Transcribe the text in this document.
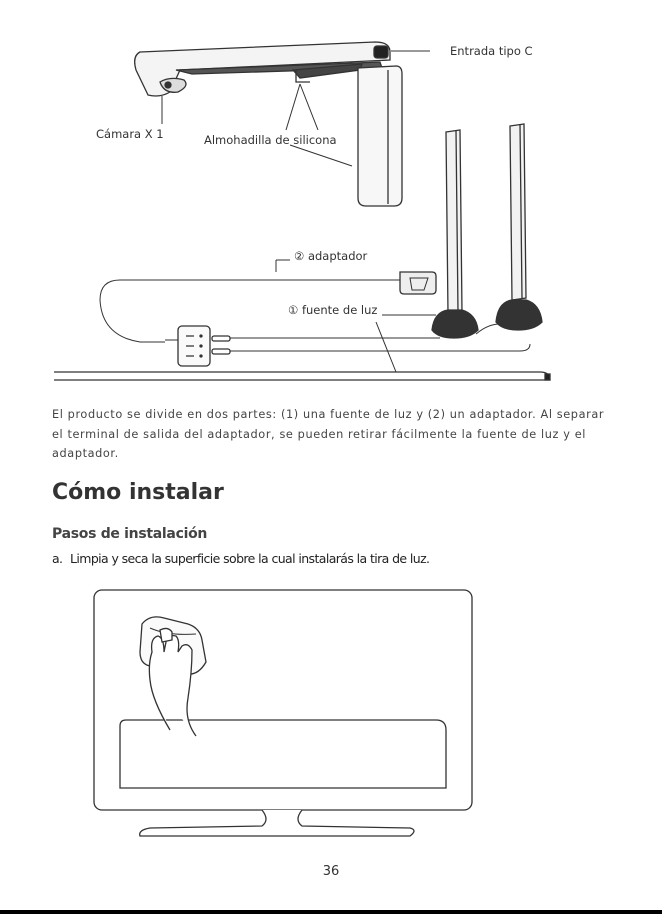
Entrada tipo C
Cámara X 1	Almohadilla de silicona
② adaptador
① fuente de luz
El producto se divide en dos partes: (1) una fuente de luz y (2) un adaptador. Al separar el terminal de salida del adaptador, se pueden retirar fácilmente la fuente de luz y el adaptador.
Cómo instalar
Pasos de instalación
a. Limpia y seca la superficie sobre la cual instalarás la tira de luz.
36
